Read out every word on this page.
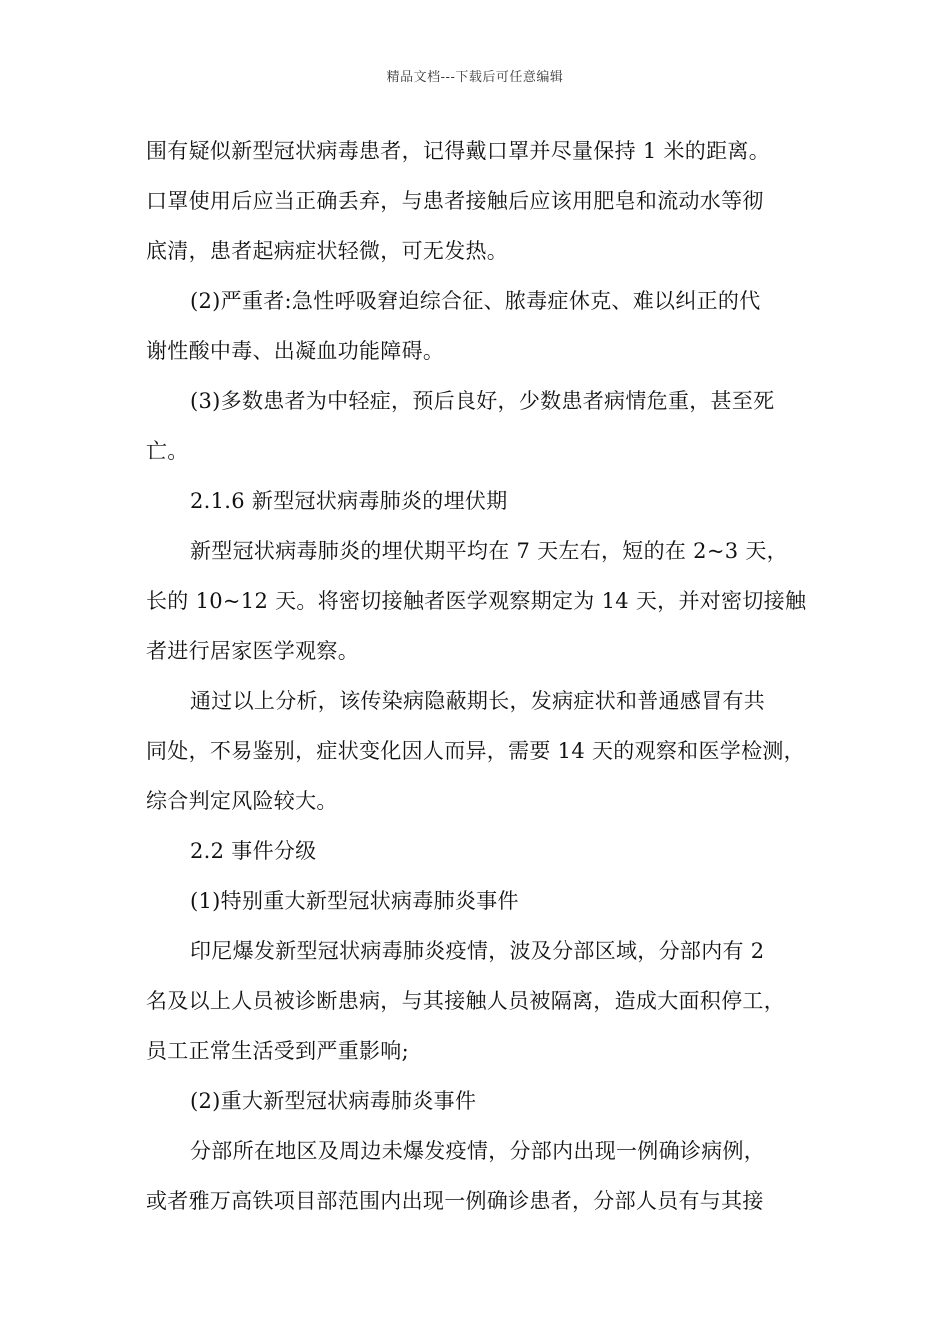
精品文档---下载后可任意编辑
围有疑似新型冠状病毒患者，记得戴口罩并尽量保持 1 米的距离。
口罩使用后应当正确丢弃，与患者接触后应该用肥皂和流动水等彻
底清，患者起病症状轻微，可无发热。
(2)严重者:急性呼吸窘迫综合征、脓毒症休克、难以纠正的代
谢性酸中毒、出凝血功能障碍。
(3)多数患者为中轻症，预后良好，少数患者病情危重，甚至死
亡。
2.1.6 新型冠状病毒肺炎的埋伏期
新型冠状病毒肺炎的埋伏期平均在 7 天左右，短的在 2~3 天，
长的 10~12 天。将密切接触者医学观察期定为 14 天，并对密切接触
者进行居家医学观察。
通过以上分析，该传染病隐蔽期长，发病症状和普通感冒有共
同处，不易鉴别，症状变化因人而异，需要 14 天的观察和医学检测，
综合判定风险较大。
2.2 事件分级
(1)特别重大新型冠状病毒肺炎事件
印尼爆发新型冠状病毒肺炎疫情，波及分部区域，分部内有 2
名及以上人员被诊断患病，与其接触人员被隔离，造成大面积停工，
员工正常生活受到严重影响;
(2)重大新型冠状病毒肺炎事件
分部所在地区及周边未爆发疫情，分部内出现一例确诊病例，
或者雅万高铁项目部范围内出现一例确诊患者，分部人员有与其接
